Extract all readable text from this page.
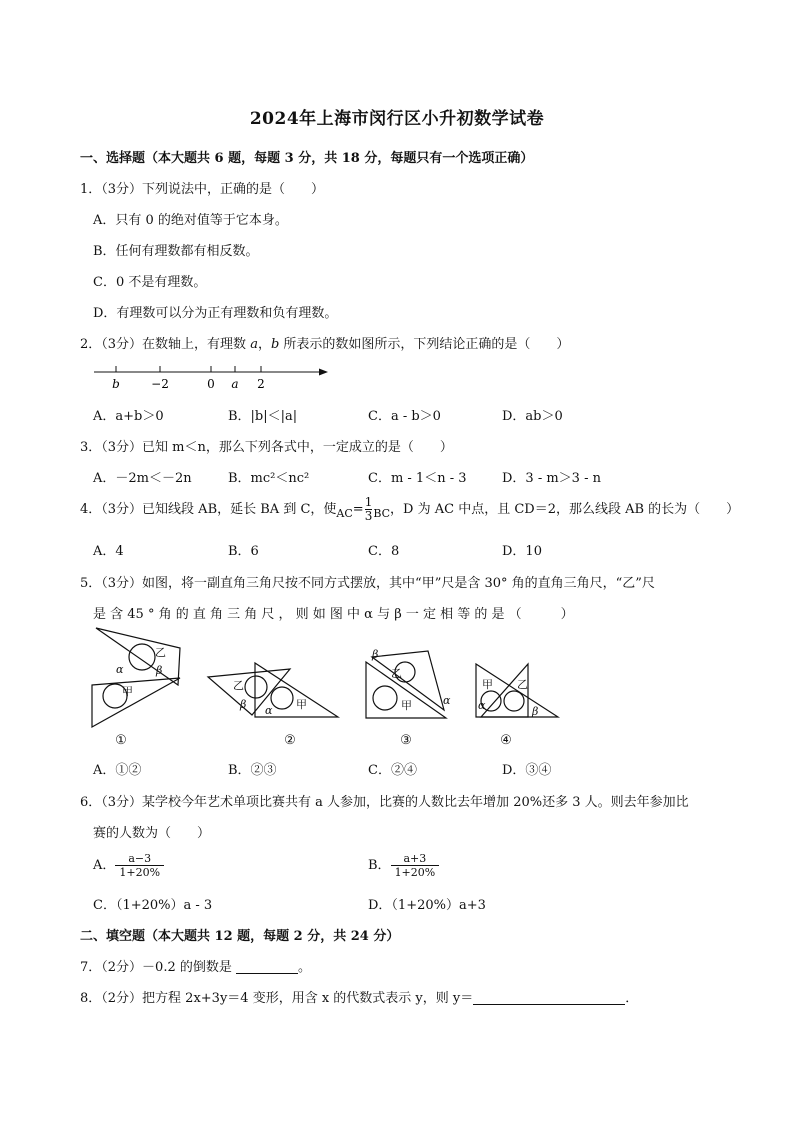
2024年上海市闵行区小升初数学试卷
一、选择题（本大题共 6 题，每题 3 分，共 18 分，每题只有一个选项正确）
1．（3分）下列说法中，正确的是（　　）
A．只有 0 的绝对值等于它本身。
B．任何有理数都有相反数。
C．0 不是有理数。
D．有理数可以分为正有理数和负有理数。
2．（3分）在数轴上，有理数 a，b 所表示的数如图所示，下列结论正确的是（　　）
b	−2	0 a 2
A．a+b＞0	B．|b|＜|a|	C．a - b＞0	D．ab＞0
3．（3分）已知 m＜n，那么下列各式中，一定成立的是（　　）
A．－2m＜－2n	B．mc²＜nc²	C．m - 1＜n - 3	D．3 - m＞3 - n
4．（3分）已知线段 AB，延长 BA 到 C，使$_{AC}= \frac{1}{3} _{BC}$，D 为 AC 中点，且 CD＝2，那么线段 AB 的长为（　　）
A．4	B．6	C．8	D．10
5．（3分）如图，将一副直角三角尺按不同方式摆放，其中“甲”尺是含 30° 角的直角三角尺，“乙”尺
是 含 45 ° 角 的 直 角 三 角 尺 ， 则 如 图 中 α 与 β 一 定 相 等 的 是 （　　　）
乙
甲
α	β
乙
甲
β α
乙
甲
β
α
甲 乙
α	β
①	②	③	④
A．①②	B．②③	C．②④	D．③④
6．（3分）某学校今年艺术单项比赛共有 a 人参加，比赛的人数比去年增加 20%还多 3 人。则去年参加比
赛的人数为（　　）
A． $\frac{a-3}{1+20\%}$	B． $\frac{a+3}{1+20\%}$
C．（1+20%）a - 3	D．（1+20%）a+3
二、填空题（本大题共 12 题，每题 2 分，共 24 分）
7．（2分）－0.2 的倒数是	。
8．（2分）把方程 2x+3y＝4 变形，用含 x 的代数式表示 y，则 y＝	．
